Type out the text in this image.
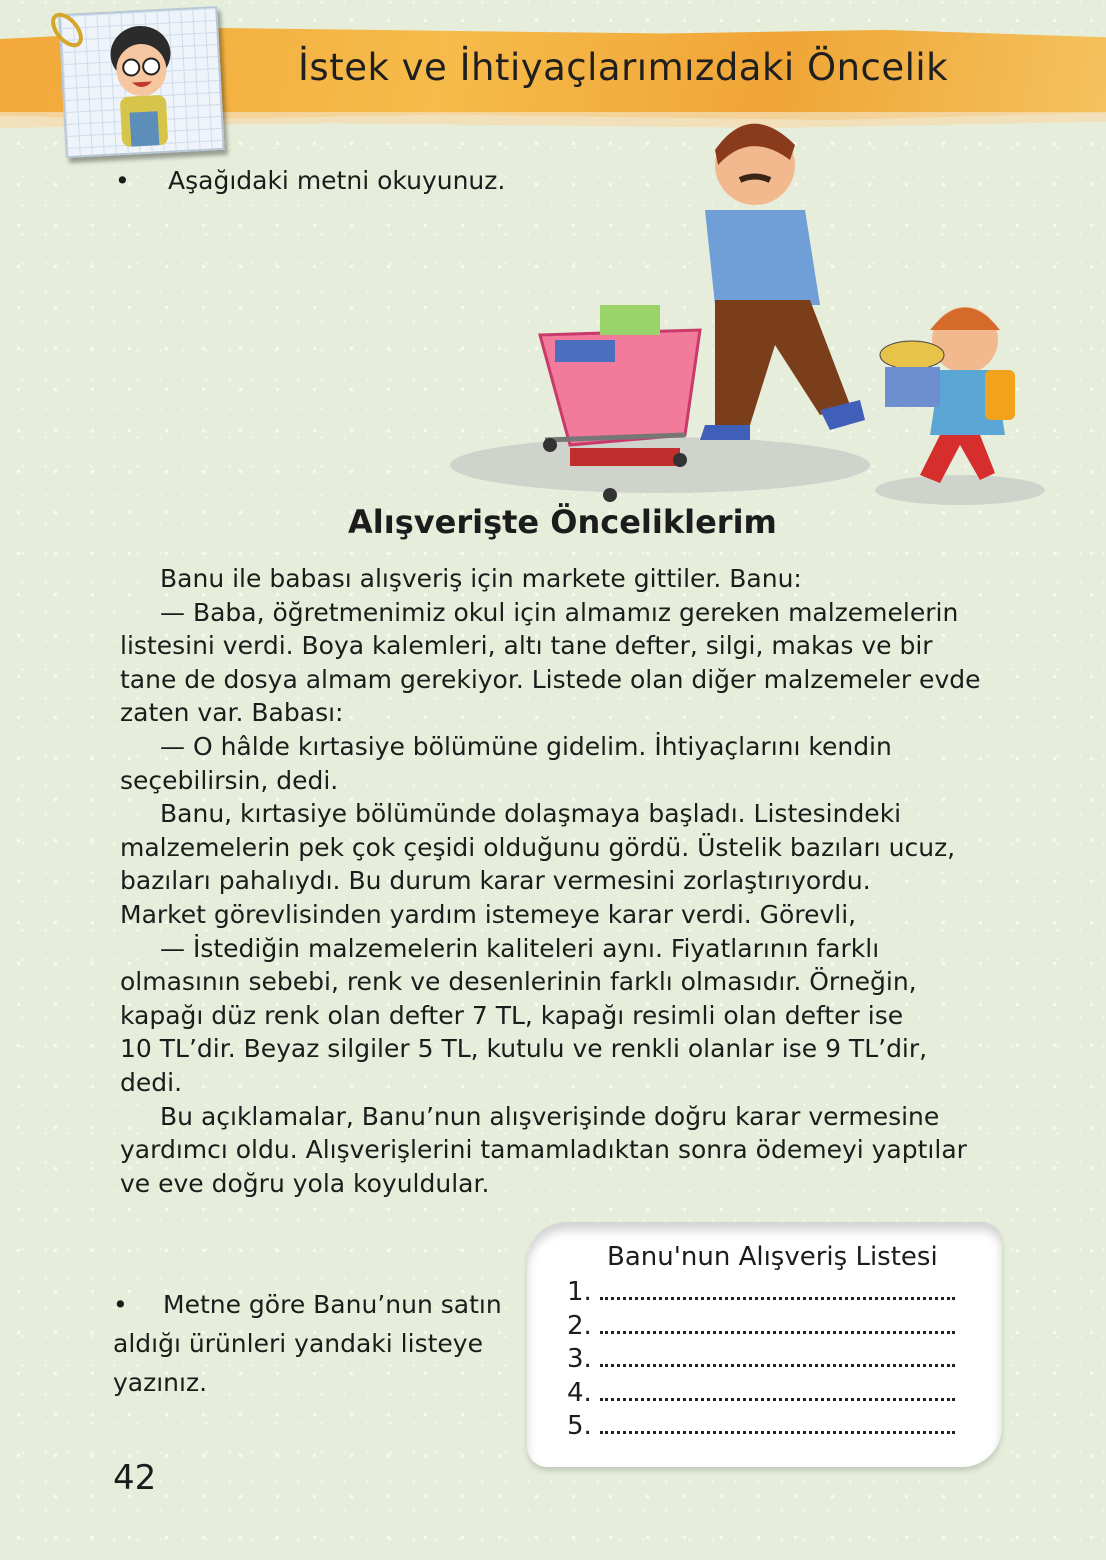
İstek ve İhtiyaçlarımızdaki Öncelik
• Aşağıdaki metni okuyunuz.
Alışverişte Önceliklerim
Banu ile babası alışveriş için markete gittiler. Banu:
— Baba, öğretmenimiz okul için almamız gereken malzemelerin
listesini verdi. Boya kalemleri, altı tane defter, silgi, makas ve bir
tane de dosya almam gerekiyor. Listede olan diğer malzemeler evde
zaten var. Babası:
— O hâlde kırtasiye bölümüne gidelim. İhtiyaçlarını kendin
seçebilirsin, dedi.
Banu, kırtasiye bölümünde dolaşmaya başladı. Listesindeki
malzemelerin pek çok çeşidi olduğunu gördü. Üstelik bazıları ucuz,
bazıları pahalıydı. Bu durum karar vermesini zorlaştırıyordu.
Market görevlisinden yardım istemeye karar verdi. Görevli,
— İstediğin malzemelerin kaliteleri aynı. Fiyatlarının farklı
olmasının sebebi, renk ve desenlerinin farklı olmasıdır. Örneğin,
kapağı düz renk olan defter 7 TL, kapağı resimli olan defter ise
10 TL’dir. Beyaz silgiler 5 TL, kutulu ve renkli olanlar ise 9 TL’dir,
dedi.
Bu açıklamalar, Banu’nun alışverişinde doğru karar vermesine
yardımcı oldu. Alışverişlerini tamamladıktan sonra ödemeyi yaptılar
ve eve doğru yola koyuldular.
• Metne göre Banu’nun satın
aldığı ürünleri yandaki listeye
yazınız.
Banu'nun Alışveriş Listesi
1.
2.
3.
4.
5.
42
